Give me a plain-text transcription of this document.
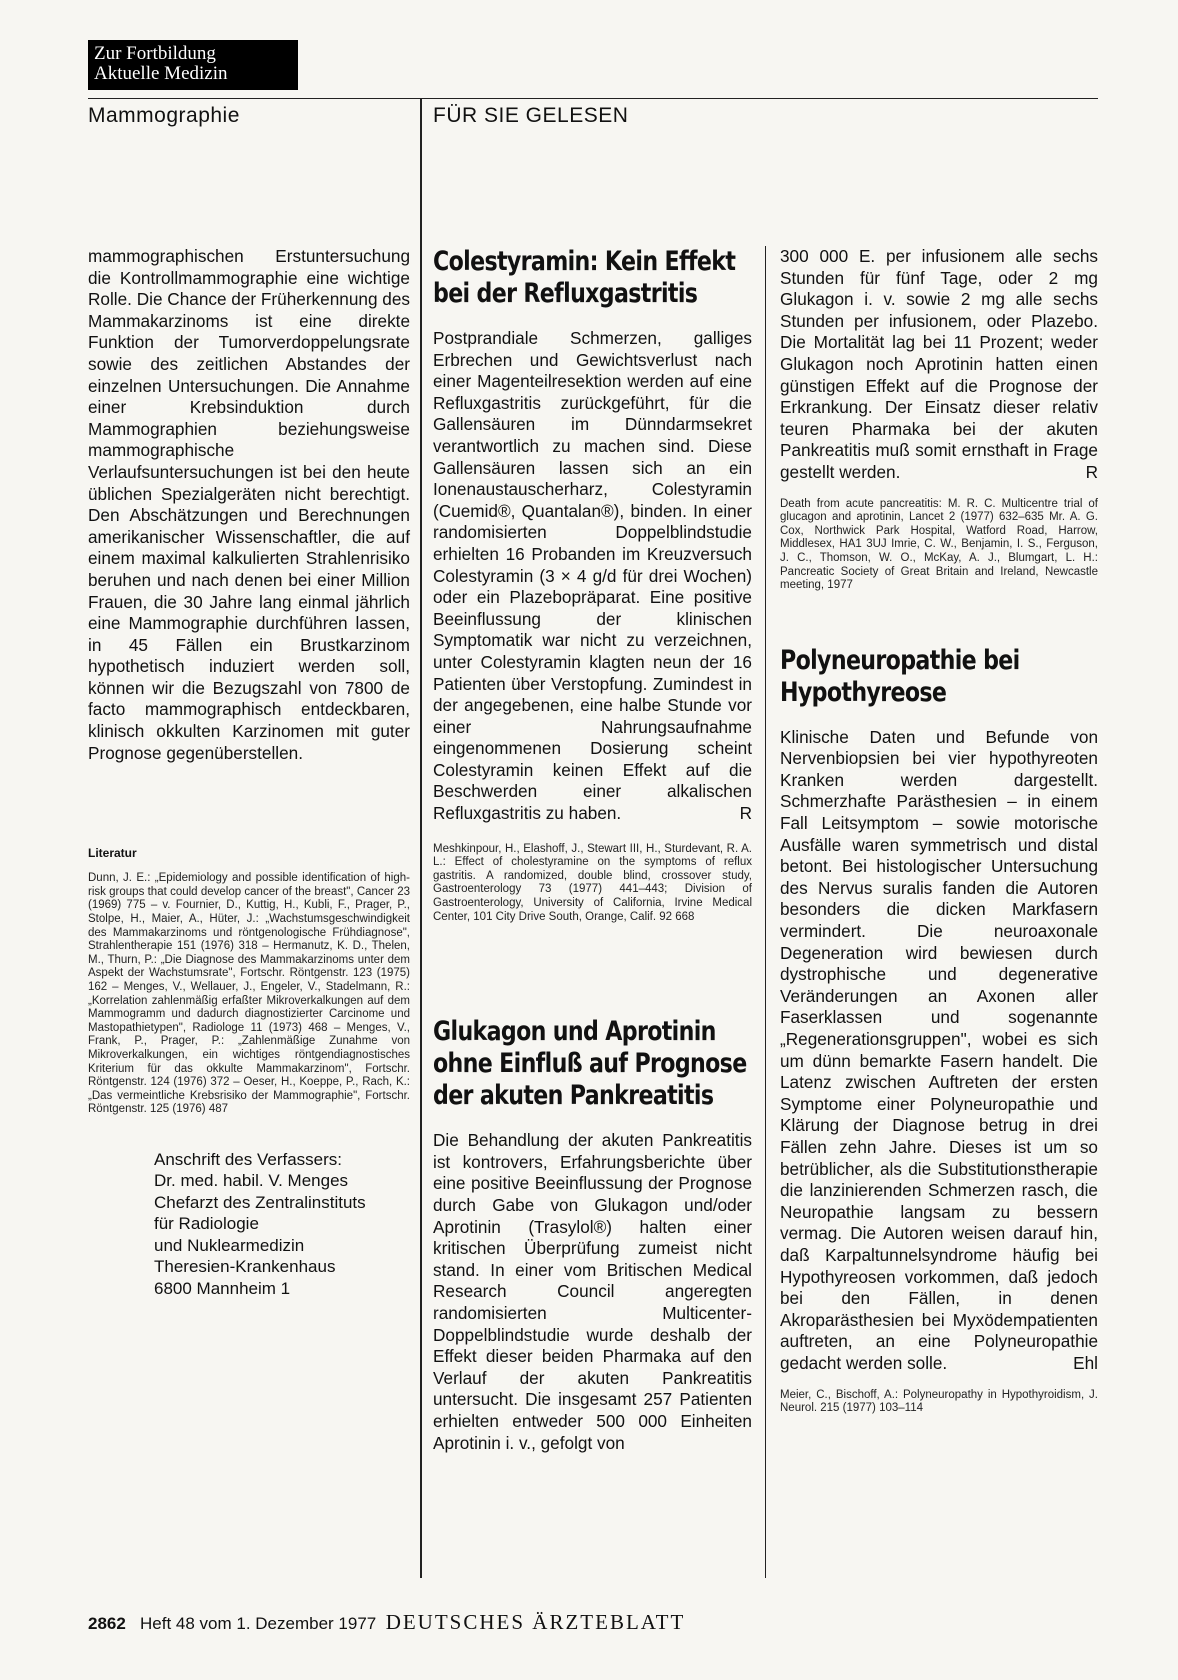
Zur Fortbildung
Aktuelle Medizin
Mammographie	FÜR SIE GELESEN

mammographischen Erstuntersuchung die Kontrollmammographie eine wichtige Rolle. Die Chance der Früherkennung des Mammakarzinoms ist eine direkte Funktion der Tumorverdoppelungsrate sowie des zeitlichen Abstandes der einzelnen Untersuchungen. Die Annahme einer Krebsinduktion durch Mammographien beziehungsweise mammographische Verlaufsuntersuchungen ist bei den heute üblichen Spezialgeräten nicht berechtigt. Den Abschätzungen und Berechnungen amerikanischer Wissenschaftler, die auf einem maximal kalkulierten Strahlenrisiko beruhen und nach denen bei einer Million Frauen, die 30 Jahre lang einmal jährlich eine Mammographie durchführen lassen, in 45 Fällen ein Brustkarzinom hypothetisch induziert werden soll, können wir die Bezugszahl von 7800 de facto mammographisch entdeckbaren, klinisch okkulten Karzinomen mit guter Prognose gegenüberstellen.

Literatur

Dunn, J. E.: „Epidemiology and possible identification of high-risk groups that could develop cancer of the breast", Cancer 23 (1969) 775 – v. Fournier, D., Kuttig, H., Kubli, F., Prager, P., Stolpe, H., Maier, A., Hüter, J.: „Wachstumsgeschwindigkeit des Mammakarzinoms und röntgenologische Frühdiagnose", Strahlentherapie 151 (1976) 318 – Hermanutz, K. D., Thelen, M., Thurn, P.: „Die Diagnose des Mammakarzinoms unter dem Aspekt der Wachstumsrate", Fortschr. Röntgenstr. 123 (1975) 162 – Menges, V., Wellauer, J., Engeler, V., Stadelmann, R.: „Korrelation zahlenmäßig erfaßter Mikroverkalkungen auf dem Mammogramm und dadurch diagnostizierter Carcinome und Mastopathietypen", Radiologe 11 (1973) 468 – Menges, V., Frank, P., Prager, P.: „Zahlenmäßige Zunahme von Mikroverkalkungen, ein wichtiges röntgendiagnostisches Kriterium für das okkulte Mammakarzinom", Fortschr. Röntgenstr. 124 (1976) 372 – Oeser, H., Koeppe, P., Rach, K.: „Das vermeintliche Krebsrisiko der Mammographie", Fortschr. Röntgenstr. 125 (1976) 487

Anschrift des Verfassers:

Dr. med. habil. V. Menges

Chefarzt des Zentralinstituts

für Radiologie

und Nuklearmedizin

Theresien-Krankenhaus

6800 Mannheim 1

Colestyramin: Kein Effekt bei der Refluxgastritis

Postprandiale Schmerzen, galliges Erbrechen und Gewichtsverlust nach einer Magenteilresektion werden auf eine Refluxgastritis zurückgeführt, für die Gallensäuren im Dünndarmsekret verantwortlich zu machen sind. Diese Gallensäuren lassen sich an ein Ionenaustauscherharz, Colestyramin (Cuemid®, Quantalan®), binden. In einer randomisierten Doppelblindstudie erhielten 16 Probanden im Kreuzversuch Colestyramin (3 × 4 g/d für drei Wochen) oder ein Plazebopräparat. Eine positive Beeinflussung der klinischen Symptomatik war nicht zu verzeichnen, unter Colestyramin klagten neun der 16 Patienten über Verstopfung. Zumindest in der angegebenen, eine halbe Stunde vor einer Nahrungsaufnahme eingenommenen Dosierung scheint Colestyramin keinen Effekt auf die Beschwerden einer alkalischen Refluxgastritis zu haben.	R

Meshkinpour, H., Elashoff, J., Stewart III, H., Sturdevant, R. A. L.: Effect of cholestyramine on the symptoms of reflux gastritis. A randomized, double blind, crossover study, Gastroenterology 73 (1977) 441–443; Division of Gastroenterology, University of California, Irvine Medical Center, 101 City Drive South, Orange, Calif. 92 668

Glukagon und Aprotinin ohne Einfluß auf Prognose der akuten Pankreatitis

Die Behandlung der akuten Pankreatitis ist kontrovers, Erfahrungsberichte über eine positive Beeinflussung der Prognose durch Gabe von Glukagon und/oder Aprotinin (Trasylol®) halten einer kritischen Überprüfung zumeist nicht stand. In einer vom Britischen Medical Research Council angeregten randomisierten Multicenter-Doppelblindstudie wurde deshalb der Effekt dieser beiden Pharmaka auf den Verlauf der akuten Pankreatitis untersucht. Die insgesamt 257 Patienten erhielten entweder 500 000 Einheiten Aprotinin i. v., gefolgt von

300 000 E. per infusionem alle sechs Stunden für fünf Tage, oder 2 mg Glukagon i. v. sowie 2 mg alle sechs Stunden per infusionem, oder Plazebo. Die Mortalität lag bei 11 Prozent; weder Glukagon noch Aprotinin hatten einen günstigen Effekt auf die Prognose der Erkrankung. Der Einsatz dieser relativ teuren Pharmaka bei der akuten Pankreatitis muß somit ernsthaft in Frage gestellt werden.	R

Death from acute pancreatitis: M. R. C. Multicentre trial of glucagon and aprotinin, Lancet 2 (1977) 632–635 Mr. A. G. Cox, Northwick Park Hospital, Watford Road, Harrow, Middlesex, HA1 3UJ Imrie, C. W., Benjamin, I. S., Ferguson, J. C., Thomson, W. O., McKay, A. J., Blumgart, L. H.: Pancreatic Society of Great Britain and Ireland, Newcastle meeting, 1977

Polyneuropathie bei Hypothyreose

Klinische Daten und Befunde von Nervenbiopsien bei vier hypothyreoten Kranken werden dargestellt. Schmerzhafte Parästhesien – in einem Fall Leitsymptom – sowie motorische Ausfälle waren symmetrisch und distal betont. Bei histologischer Untersuchung des Nervus suralis fanden die Autoren besonders die dicken Markfasern vermindert. Die neuroaxonale Degeneration wird bewiesen durch dystrophische und degenerative Veränderungen an Axonen aller Faserklassen und sogenannte „Regenerationsgruppen", wobei es sich um dünn bemarkte Fasern handelt. Die Latenz zwischen Auftreten der ersten Symptome einer Polyneuropathie und Klärung der Diagnose betrug in drei Fällen zehn Jahre. Dieses ist um so betrüblicher, als die Substitutionstherapie die lanzinierenden Schmerzen rasch, die Neuropathie langsam zu bessern vermag. Die Autoren weisen darauf hin, daß Karpaltunnelsyndrome häufig bei Hypothyreosen vorkommen, daß jedoch bei den Fällen, in denen Akroparästhesien bei Myxödempatienten auftreten, an eine Polyneuropathie gedacht werden solle.	Ehl

Meier, C., Bischoff, A.: Polyneuropathy in Hypothyroidism, J. Neurol. 215 (1977) 103–114

2862 Heft 48 vom 1. Dezember 1977 DEUTSCHES ÄRZTEBLATT
